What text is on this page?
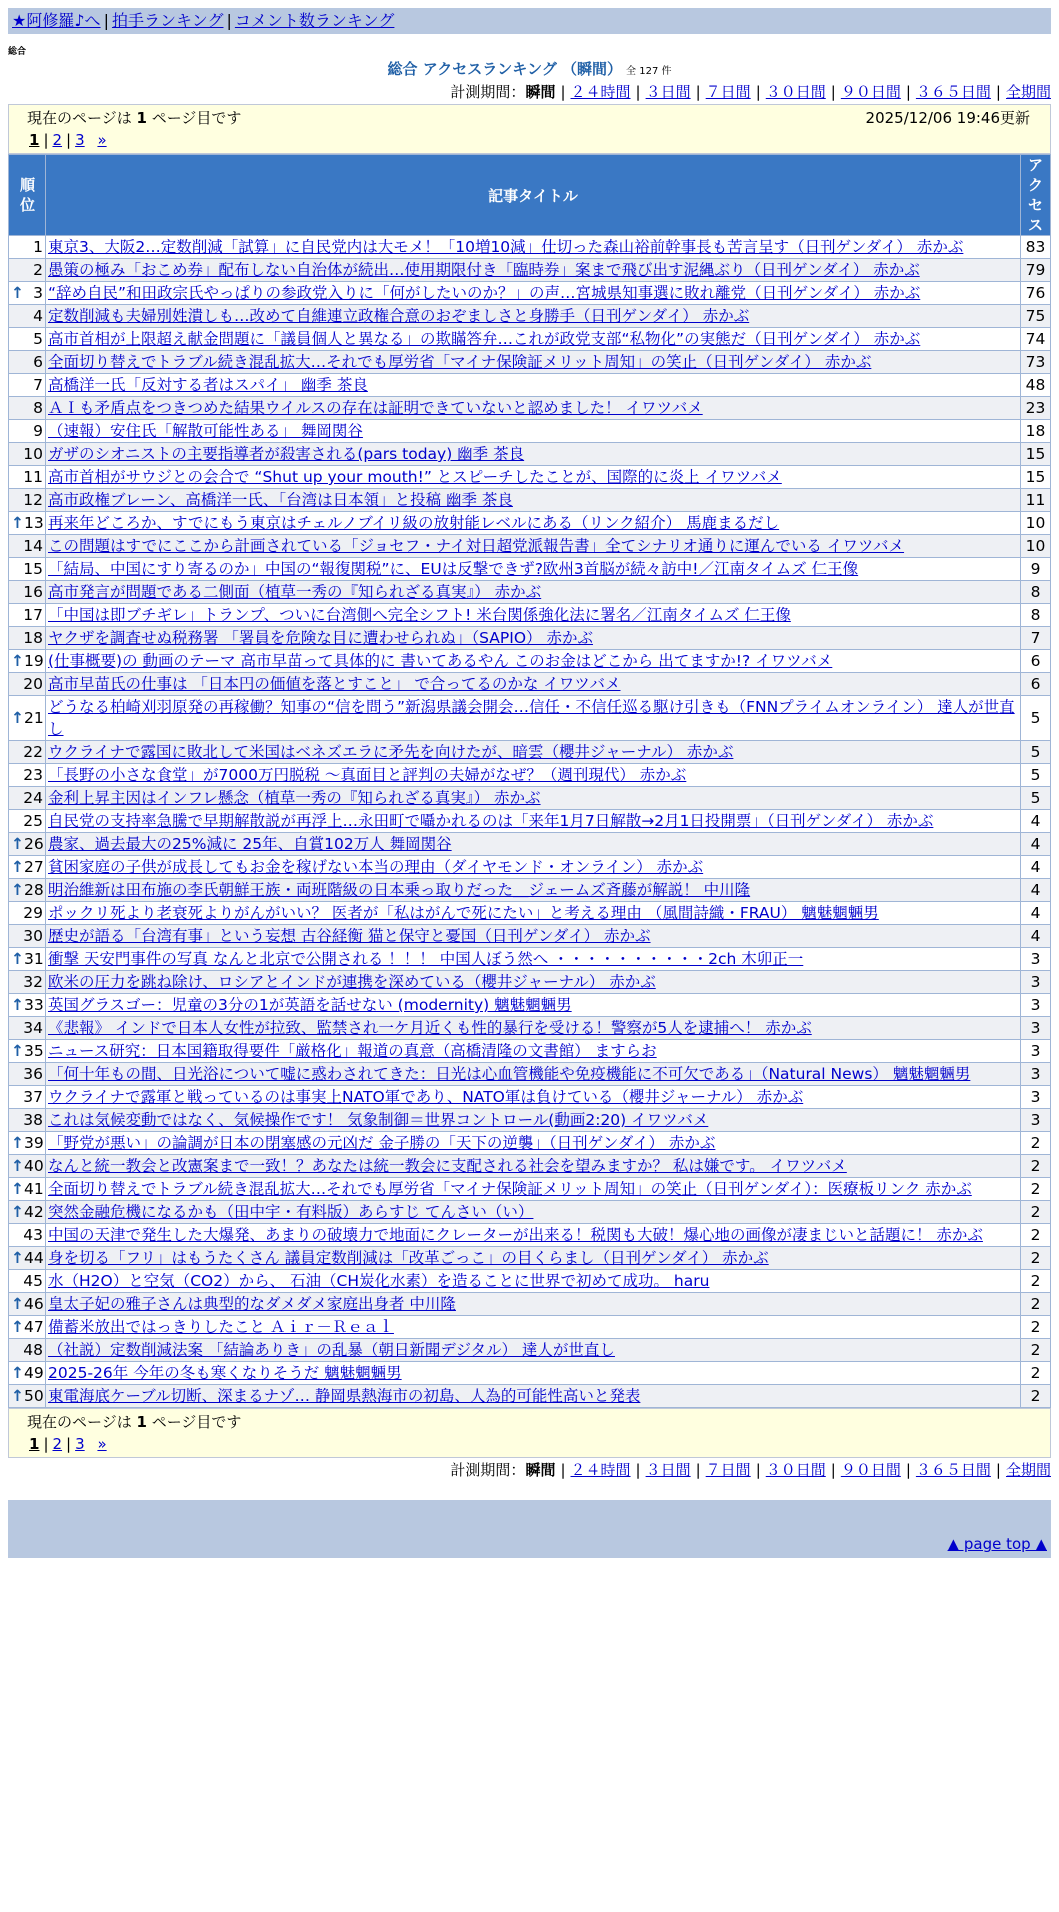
★阿修羅♪へ | 拍手ランキング | コメント数ランキング
総合
総合 アクセスランキング （瞬間） 全 127 件
計測期間：瞬間 | ２４時間 | ３日間 | ７日間 | ３０日間 | ９０日間 | ３６５日間 | 全期間
現在のページは 1 ページ目です	2025/12/06 19:46更新
1 | 2 | 3 »
順位	記事タイトル	アクセス

1	東京3、大阪2…定数削減「試算」に自民党内は大モメ！「10増10減」仕切った森山裕前幹事長も苦言呈す（日刊ゲンダイ） 赤かぶ	83
2	愚策の極み「おこめ券」配布しない自治体が続出…使用期限付き「臨時券」案まで飛び出す泥縄ぶり（日刊ゲンダイ） 赤かぶ	79

↑ 3	“辞め自民”和田政宗氏やっぱりの参政党入りに「何がしたいのか？」の声…宮城県知事選に敗れ離党（日刊ゲンダイ） 赤かぶ	76
4	定数削減も夫婦別姓潰しも…改めて自維連立政権合意のおぞましさと身勝手（日刊ゲンダイ） 赤かぶ	75
5	高市首相が上限超え献金問題に「議員個人と異なる」の欺瞞答弁…これが政党支部“私物化”の実態だ（日刊ゲンダイ） 赤かぶ	74
6	全面切り替えでトラブル続き混乱拡大…それでも厚労省「マイナ保険証メリット周知」の笑止（日刊ゲンダイ） 赤かぶ	73
7	高橋洋一氏「反対する者はスパイ」 幽季 茶良	48
8	ＡＩも矛盾点をつきつめた結果ウイルスの存在は証明できていないと認めました！ イワツバメ	23
9	（速報）安住氏「解散可能性ある」 舞岡関谷	18
10	ガザのシオニストの主要指導者が殺害される(pars today) 幽季 茶良	15
11	高市首相がサウジとの会合で “Shut up your mouth!” とスピーチしたことが、国際的に炎上 イワツバメ	15
12	高市政権ブレーン、高橋洋一氏、「台湾は日本領」と投稿 幽季 茶良	11

↑ 13	再来年どころか、すでにもう東京はチェルノブイリ級の放射能レベルにある（リンク紹介） 馬鹿まるだし	10
14	この問題はすでにここから計画されている「ジョセフ・ナイ対日超党派報告書」全てシナリオ通りに運んでいる イワツバメ	10
15	「結局、中国にすり寄るのか」中国の“報復関税”に、EUは反撃できず?欧州3首脳が続々訪中!／江南タイムズ 仁王像	9
16	高市発言が問題である二側面（植草一秀の『知られざる真実』） 赤かぶ	8
17	「中国は即ブチギレ」トランプ、ついに台湾側へ完全シフト! 米台関係強化法に署名／江南タイムズ 仁王像	8
18	ヤクザを調査せぬ税務署 「署員を危険な目に遭わせられぬ」（SAPIO） 赤かぶ	7

↑ 19	(仕事概要)の 動画のテーマ 高市早苗って具体的に 書いてあるやん このお金はどこから 出てますか!? イワツバメ	6
20	高市早苗氏の仕事は 「日本円の価値を落とすこと」 で合ってるのかな イワツバメ	6

↑ 21	どうなる柏崎刈羽原発の再稼働？知事の“信を問う”新潟県議会開会…信任・不信任巡る駆け引きも（FNNプライムオンライン） 達人が世直し	5
22	ウクライナで露国に敗北して米国はベネズエラに矛先を向けたが、暗雲（櫻井ジャーナル） 赤かぶ	5
23	「長野の小さな食堂」が7000万円脱税 〜真面目と評判の夫婦がなぜ？（週刊現代） 赤かぶ	5
24	金利上昇主因はインフレ懸念（植草一秀の『知られざる真実』） 赤かぶ	5
25	自民党の支持率急騰で早期解散説が再浮上…永田町で囁かれるのは「来年1月7日解散→2月1日投開票」（日刊ゲンダイ） 赤かぶ	4

↑ 26	農家、過去最大の25%減に 25年、自賞102万人 舞岡関谷	4

↑ 27	貧困家庭の子供が成長してもお金を稼げない本当の理由（ダイヤモンド・オンライン） 赤かぶ	4

↑ 28	明治維新は田布施の李氏朝鮮王族・両班階級の日本乗っ取りだった＿ジェームズ斉藤が解説！ 中川隆	4
29	ポックリ死より老衰死よりがんがいい？ 医者が「私はがんで死にたい」と考える理由 （風間詩織・FRAU） 魑魅魍魎男	4
30	歴史が語る「台湾有事」という妄想 古谷経衡 猫と保守と憂国（日刊ゲンダイ） 赤かぶ	4

↑ 31	衝撃 天安門事件の写真 なんと北京で公開される ！！！ 中国人ぼう然へ ・・・・・・・・・・2ch 木卯正一	3
32	欧米の圧力を跳ね除け、ロシアとインドが連携を深めている（櫻井ジャーナル） 赤かぶ	3

↑ 33	英国グラスゴー：児童の3分の1が英語を話せない (modernity) 魑魅魍魎男	3
34	《悲報》 インドで日本人女性が拉致、監禁され一ケ月近くも性的暴行を受ける！警察が5人を逮捕へ！ 赤かぶ	3

↑ 35	ニュース研究：日本国籍取得要件「厳格化」報道の真意（高橋清隆の文書館） ますらお	3
36	「何十年もの間、日光浴について嘘に惑わされてきた：日光は心血管機能や免疫機能に不可欠である」（Natural News） 魑魅魍魎男	3
37	ウクライナで露軍と戦っているのは事実上NATO軍であり、NATO軍は負けている（櫻井ジャーナル） 赤かぶ	3
38	これは気候変動ではなく、気候操作です！ 気象制御＝世界コントロール(動画2:20) イワツバメ	3

↑ 39	「野党が悪い」の論調が日本の閉塞感の元凶だ 金子勝の「天下の逆襲」（日刊ゲンダイ） 赤かぶ	2

↑ 40	なんと統一教会と改憲案まで一致！？あなたは統一教会に支配される社会を望みますか？ 私は嫌です。 イワツバメ	2

↑ 41	全面切り替えでトラブル続き混乱拡大…それでも厚労省「マイナ保険証メリット周知」の笑止（日刊ゲンダイ）：医療板リンク 赤かぶ	2

↑ 42	突然金融危機になるかも（田中宇・有料版）あらすじ てんさい（い）	2
43	中国の天津で発生した大爆発、あまりの破壊力で地面にクレーターが出来る！税関も大破！爆心地の画像が凄まじいと話題に！ 赤かぶ	2

↑ 44	身を切る「フリ」はもうたくさん 議員定数削減は「改革ごっこ」の目くらまし（日刊ゲンダイ） 赤かぶ	2
45	水（H2O）と空気（CO2）から、 石油（CH炭化水素）を造ることに世界で初めて成功。 haru	2

↑ 46	皇太子妃の雅子さんは典型的なダメダメ家庭出身者 中川隆	2

↑ 47	備蓄米放出ではっきりしたこと Ａｉｒ－Ｒｅａｌ	2
48	（社説）定数削減法案 「結論ありき」の乱暴（朝日新聞デジタル） 達人が世直し	2

↑ 49	2025-26年 今年の冬も寒くなりそうだ 魑魅魍魎男	2

↑ 50	東電海底ケーブル切断、深まるナゾ… 静岡県熱海市の初島、人為的可能性高いと発表	2
現在のページは 1 ページ目です
1 | 2 | 3 »
計測期間：瞬間 | ２４時間 | ３日間 | ７日間 | ３０日間 | ９０日間 | ３６５日間 | 全期間
▲ page top ▲
